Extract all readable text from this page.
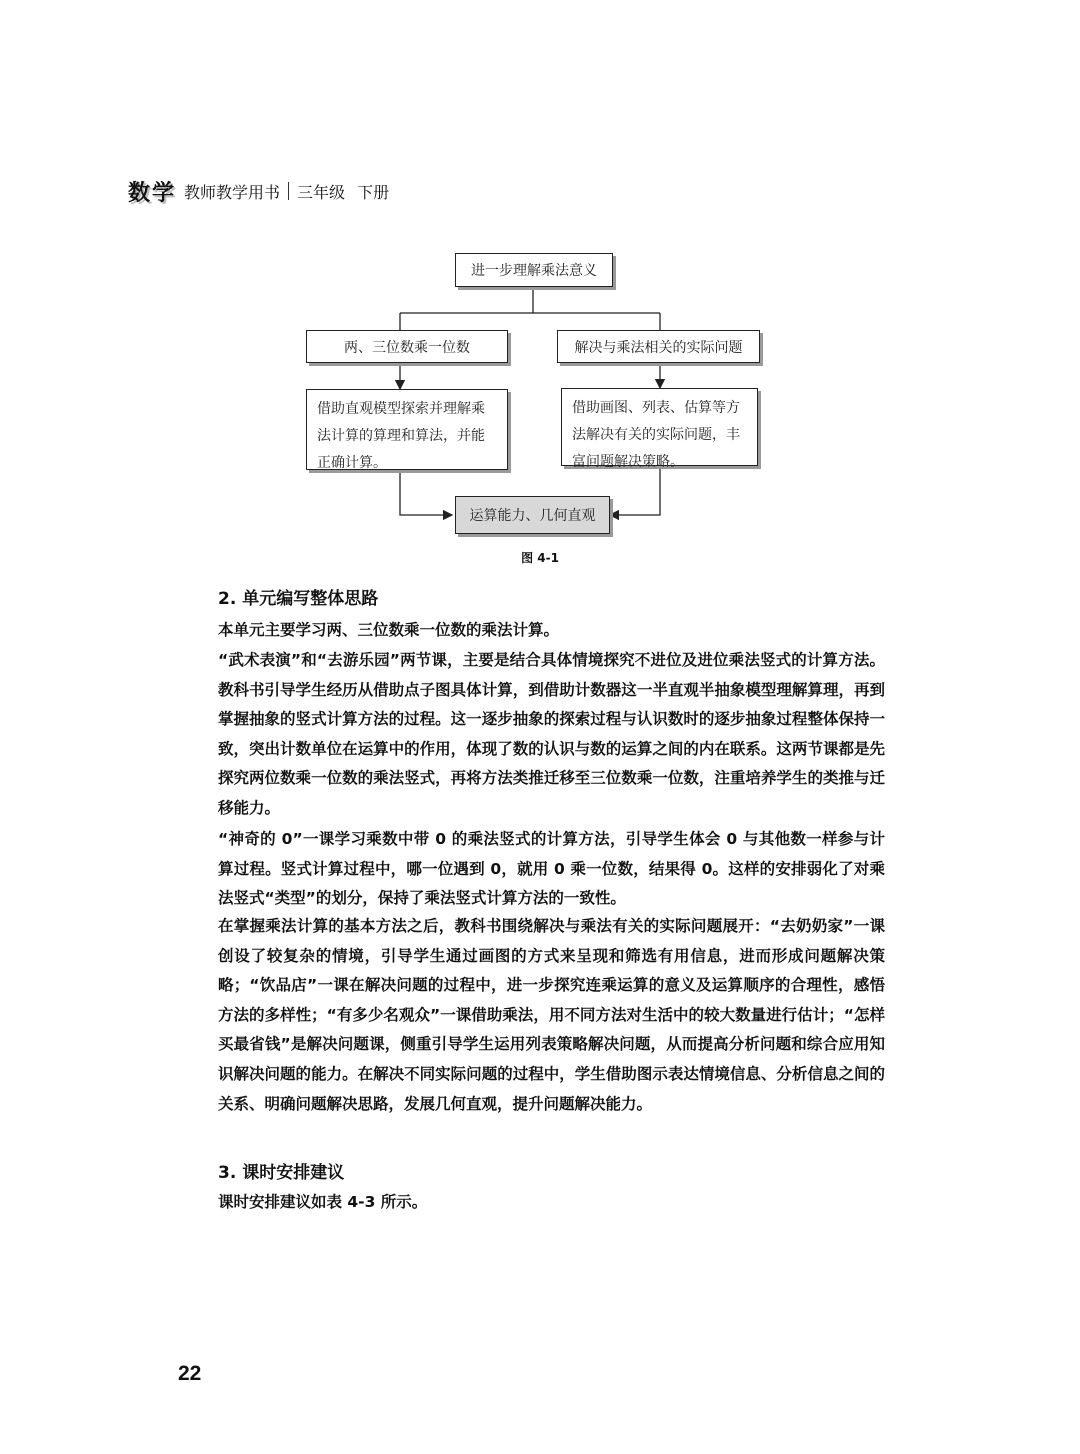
数 学 教师教学用书 三年级 下册
进一步理解乘法意义
两、三位数乘一位数	解决与乘法相关的实际问题
借助直观模型探索并理解乘
法计算的算理和算法，并能
正确计算。
借助画图、列表、估算等方
法解决有关的实际问题，丰
富问题解决策略。
运算能力、几何直观
图 4-1
2. 单元编写整体思路

本单元主要学习两、三位数乘一位数的乘法计算。

“武术表演”和“去游乐园”两节课，主要是结合具体情境探究不进位及进位乘法竖式的计算方法。教科书引导学生经历从借助点子图具体计算，到借助计数器这一半直观半抽象模型理解算理，再到掌握抽象的竖式计算方法的过程。这一逐步抽象的探索过程与认识数时的逐步抽象过程整体保持一致，突出计数单位在运算中的作用，体现了数的认识与数的运算之间的内在联系。这两节课都是先探究两位数乘一位数的乘法竖式，再将方法类推迁移至三位数乘一位数，注重培养学生的类推与迁移能力。

“神奇的 0”一课学习乘数中带 0 的乘法竖式的计算方法，引导学生体会 0 与其他数一样参与计算过程。竖式计算过程中，哪一位遇到 0，就用 0 乘一位数，结果得 0。这样的安排弱化了对乘法竖式“类型”的划分，保持了乘法竖式计算方法的一致性。

在掌握乘法计算的基本方法之后，教科书围绕解决与乘法有关的实际问题展开：“去奶奶家”一课创设了较复杂的情境，引导学生通过画图的方式来呈现和筛选有用信息，进而形成问题解决策略；“饮品店”一课在解决问题的过程中，进一步探究连乘运算的意义及运算顺序的合理性，感悟方法的多样性；“有多少名观众”一课借助乘法，用不同方法对生活中的较大数量进行估计；“怎样买最省钱”是解决问题课，侧重引导学生运用列表策略解决问题，从而提高分析问题和综合应用知识解决问题的能力。在解决不同实际问题的过程中，学生借助图示表达情境信息、分析信息之间的关系、明确问题解决思路，发展几何直观，提升问题解决能力。

3. 课时安排建议

课时安排建议如表 4-3 所示。

22
